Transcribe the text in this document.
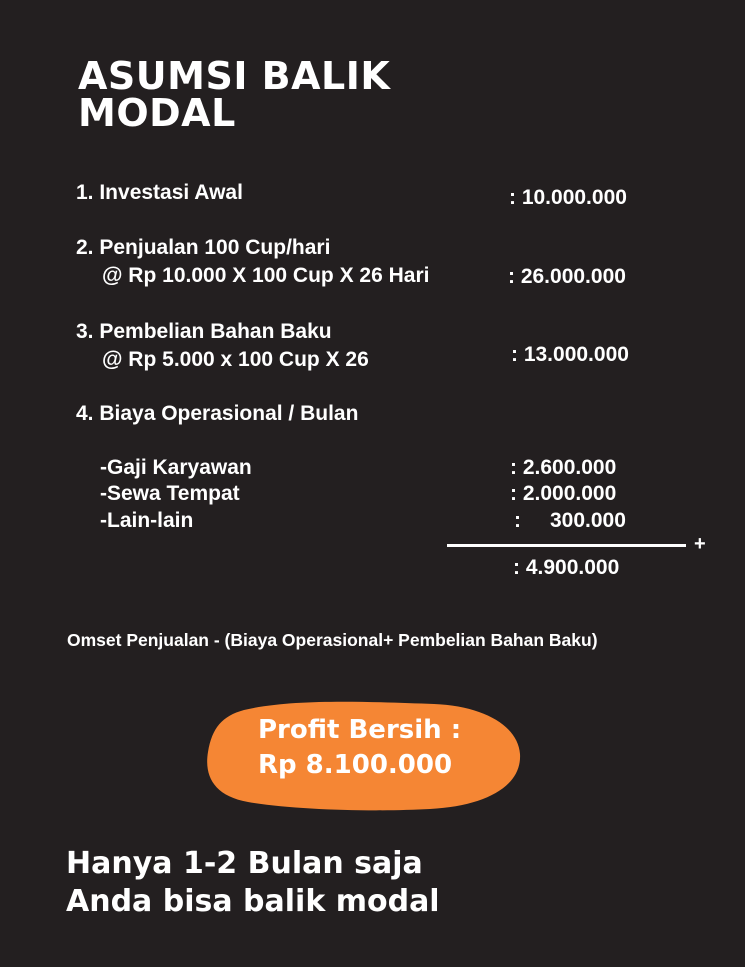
ASUMSI BALIK
MODAL
1. Investasi Awal	: 10.000.000
2. Penjualan 100 Cup/hari
@ Rp 10.000 X 100 Cup X 26 Hari	: 26.000.000
3. Pembelian Bahan Baku
@ Rp 5.000 x 100 Cup X 26	: 13.000.000
4. Biaya Operasional / Bulan
-Gaji Karyawan	: 2.600.000
-Sewa Tempat	: 2.000.000
-Lain-lain	: 300.000
+
: 4.900.000
Omset Penjualan - (Biaya Operasional+ Pembelian Bahan Baku)
Profit Bersih :
Rp 8.100.000
Hanya 1-2 Bulan saja
Anda bisa balik modal
